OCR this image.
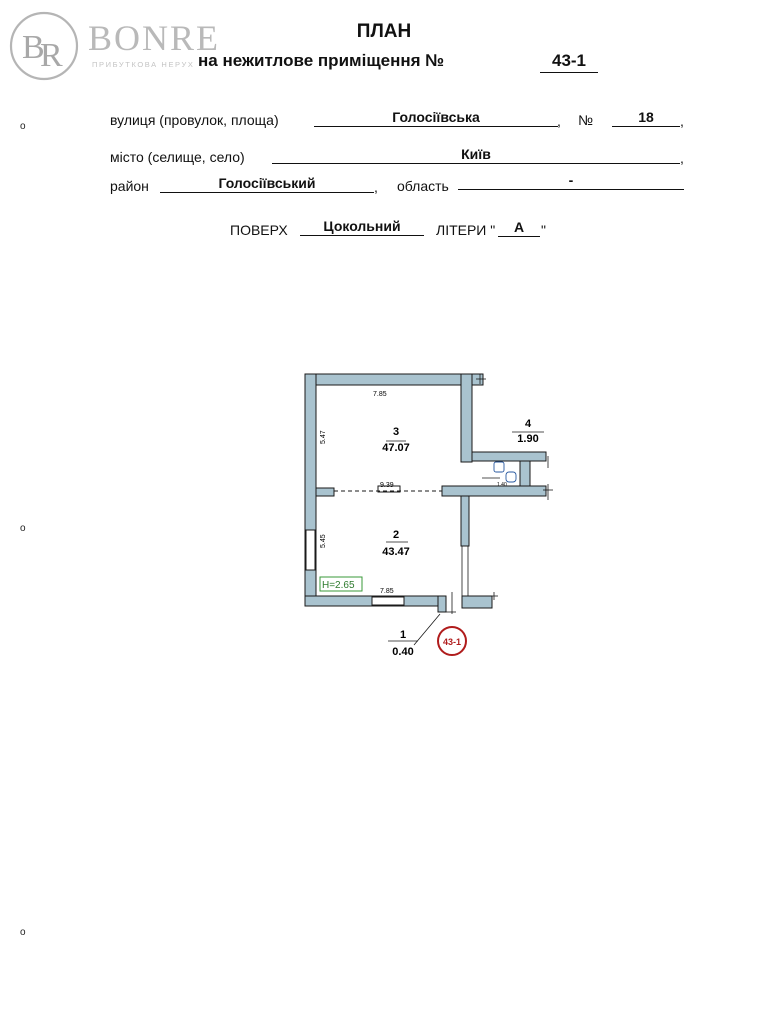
B
R BONRE
ПРИБУТКОВА НЕРУХ
ПЛАН
на нежитлове приміщення №	43-1
o	вулиця (провулок, площа)	Голосіївська	, №	18	,
місто (селище, село)	Київ	,
район	Голосіївський	, область	-
ПОВЕРХ	Цокольний	ЛІТЕРИ "	А	"
o
o
H=2.65
3
47.07
4
1.90
2
43.47
1
0.40
7.85
5.47
9.39
5.45
7.85
1.40
43-1
